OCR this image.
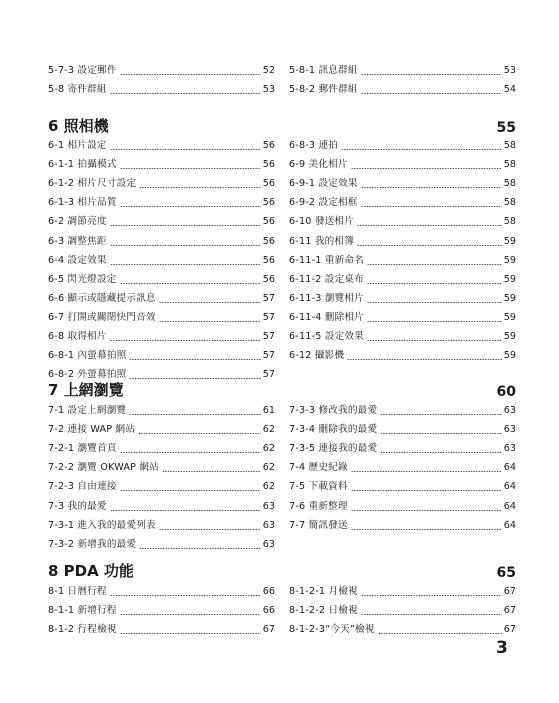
5-7-3 設定郵件	52
5-8 寄件群組	53
5-8-1 訊息群組	53
5-8-2 郵件群組	54
6 照相機	55
6-1 相片設定	56
6-1-1 拍攝模式	56
6-1-2 相片尺寸設定	56
6-1-3 相片品質	56
6-2 調節亮度	56
6-3 調整焦距	56
6-4 設定效果	56
6-5 閃光燈設定	56
6-6 顯示或隱藏提示訊息	57
6-7 打開或關閉快門音效	57
6-8 取得相片	57
6-8-1 內螢幕拍照	57
6-8-2 外螢幕拍照	57
6-8-3 連拍	58
6-9 美化相片	58
6-9-1 設定效果	58
6-9-2 設定相框	58
6-10 發送相片	58
6-11 我的相簿	59
6-11-1 重新命名	59
6-11-2 設定桌布	59
6-11-3 瀏覽相片	59
6-11-4 刪除相片	59
6-11-5 設定效果	59
6-12 攝影機	59
7 上網瀏覽	60
7-1 設定上網瀏覽	61
7-2 連接 WAP 網站	62
7-2-1 瀏覽首頁	62
7-2-2 瀏覽 OKWAP 網站	62
7-2-3 自由連接	62
7-3 我的最愛	63
7-3-1 進入我的最愛列表	63
7-3-2 新增我的最愛	63
7-3-3 修改我的最愛	63
7-3-4 刪除我的最愛	63
7-3-5 連接我的最愛	63
7-4 歷史紀錄	64
7-5 下載資料	64
7-6 重新整理	64
7-7 簡訊發送	64
8 PDA 功能	65
8-1 日曆行程	66
8-1-1 新增行程	66
8-1-2 行程檢視	67
8-1-2-1 月檢視	67
8-1-2-2 日檢視	67
8-1-2-3“今天”檢視	67
3
